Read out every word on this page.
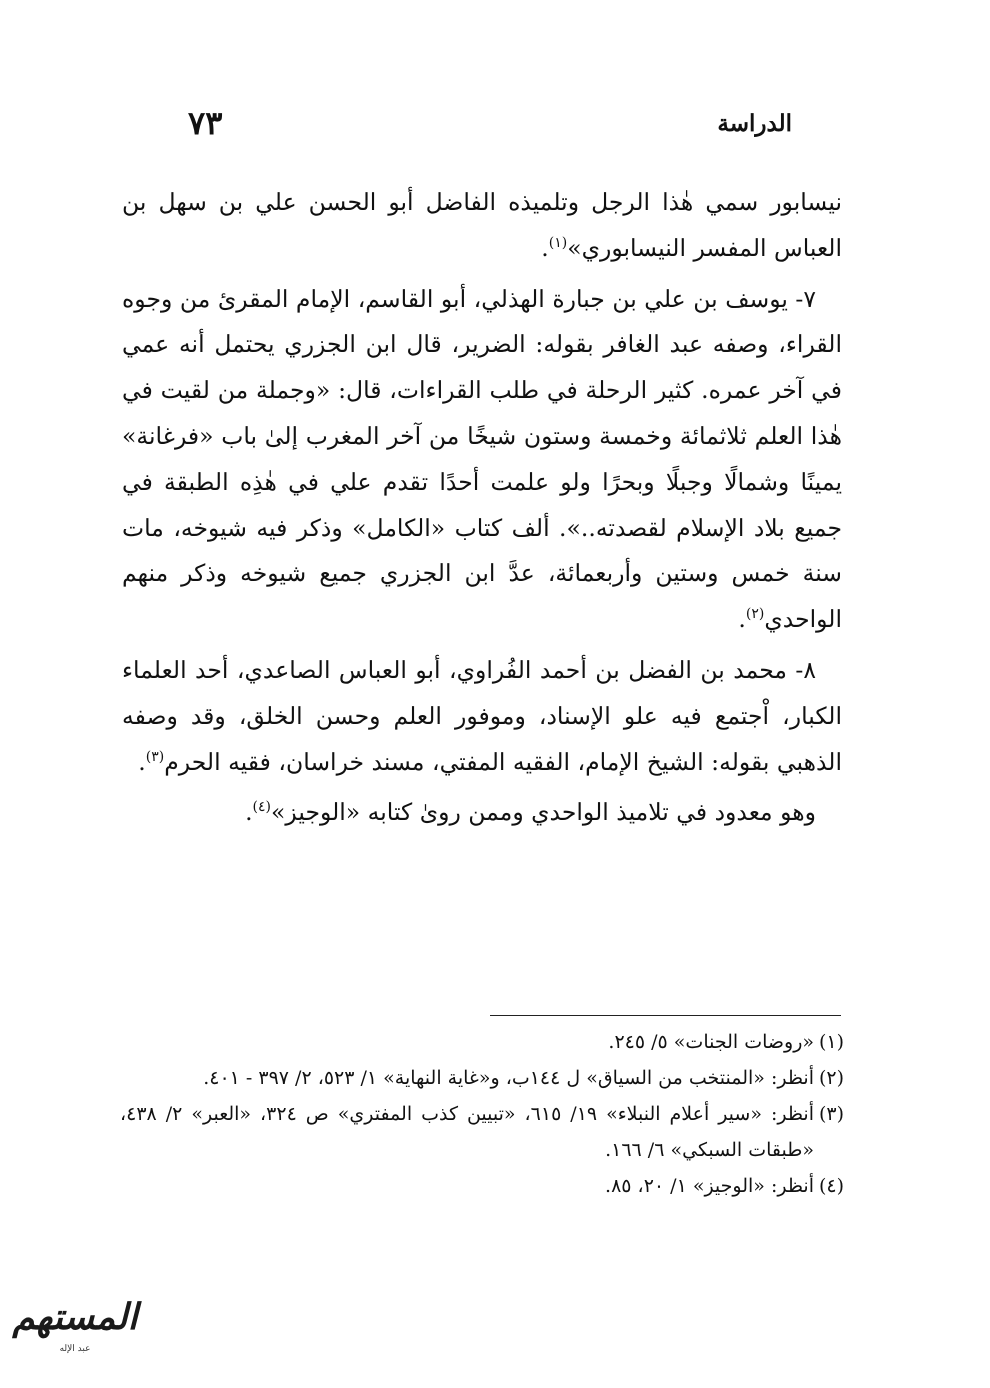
الدراسة
٧٣

نيسابور سمي هٰذا الرجل وتلميذه الفاضل أبو الحسن علي بن سهل بن العباس المفسر النيسابوري»$^{(١)}$.

٧- يوسف بن علي بن جبارة الهذلي، أبو القاسم، الإمام المقرئ من وجوه القراء، وصفه عبد الغافر بقوله: الضرير، قال ابن الجزري يحتمل أنه عمي في آخر عمره. كثير الرحلة في طلب القراءات، قال: «وجملة من لقيت في هٰذا العلم ثلاثمائة وخمسة وستون شيخًا من آخر المغرب إلىٰ باب «فرغانة» يمينًا وشمالًا وجبلًا وبحرًا ولو علمت أحدًا تقدم علي في هٰذِه الطبقة في جميع بلاد الإسلام لقصدته..». ألف كتاب «الكامل» وذكر فيه شيوخه، مات سنة خمس وستين وأربعمائة، عدَّ ابن الجزري جميع شيوخه وذكر منهم الواحدي$^{(٢)}$.

٨- محمد بن الفضل بن أحمد الفُراوي، أبو العباس الصاعدي، أحد العلماء الكبار، اْجتمع فيه علو الإسناد، وموفور العلم وحسن الخلق، وقد وصفه الذهبي بقوله: الشيخ الإمام، الفقيه المفتي، مسند خراسان، فقيه الحرم$^{(٣)}$.

وهو معدود في تلاميذ الواحدي وممن روىٰ كتابه «الوجيز»$^{(٤)}$.

(١)
«روضات الجنات» ٥/ ٢٤٥.

(٢)
أنظر: «المنتخب من السياق» ل ١٤٤ب، و«غاية النهاية» ١/ ٥٢٣، ٢/ ٣٩٧ - ٤٠١.

(٣)
أنظر: «سير أعلام النبلاء» ١٩/ ٦١٥، «تبيين كذب المفتري» ص ٣٢٤، «العبر» ٢/ ٤٣٨، «طبقات السبكي» ٦/ ١٦٦.

(٤)
أنظر: «الوجيز» ١/ ٢٠، ٨٥.

المستهم
عبد الإله
